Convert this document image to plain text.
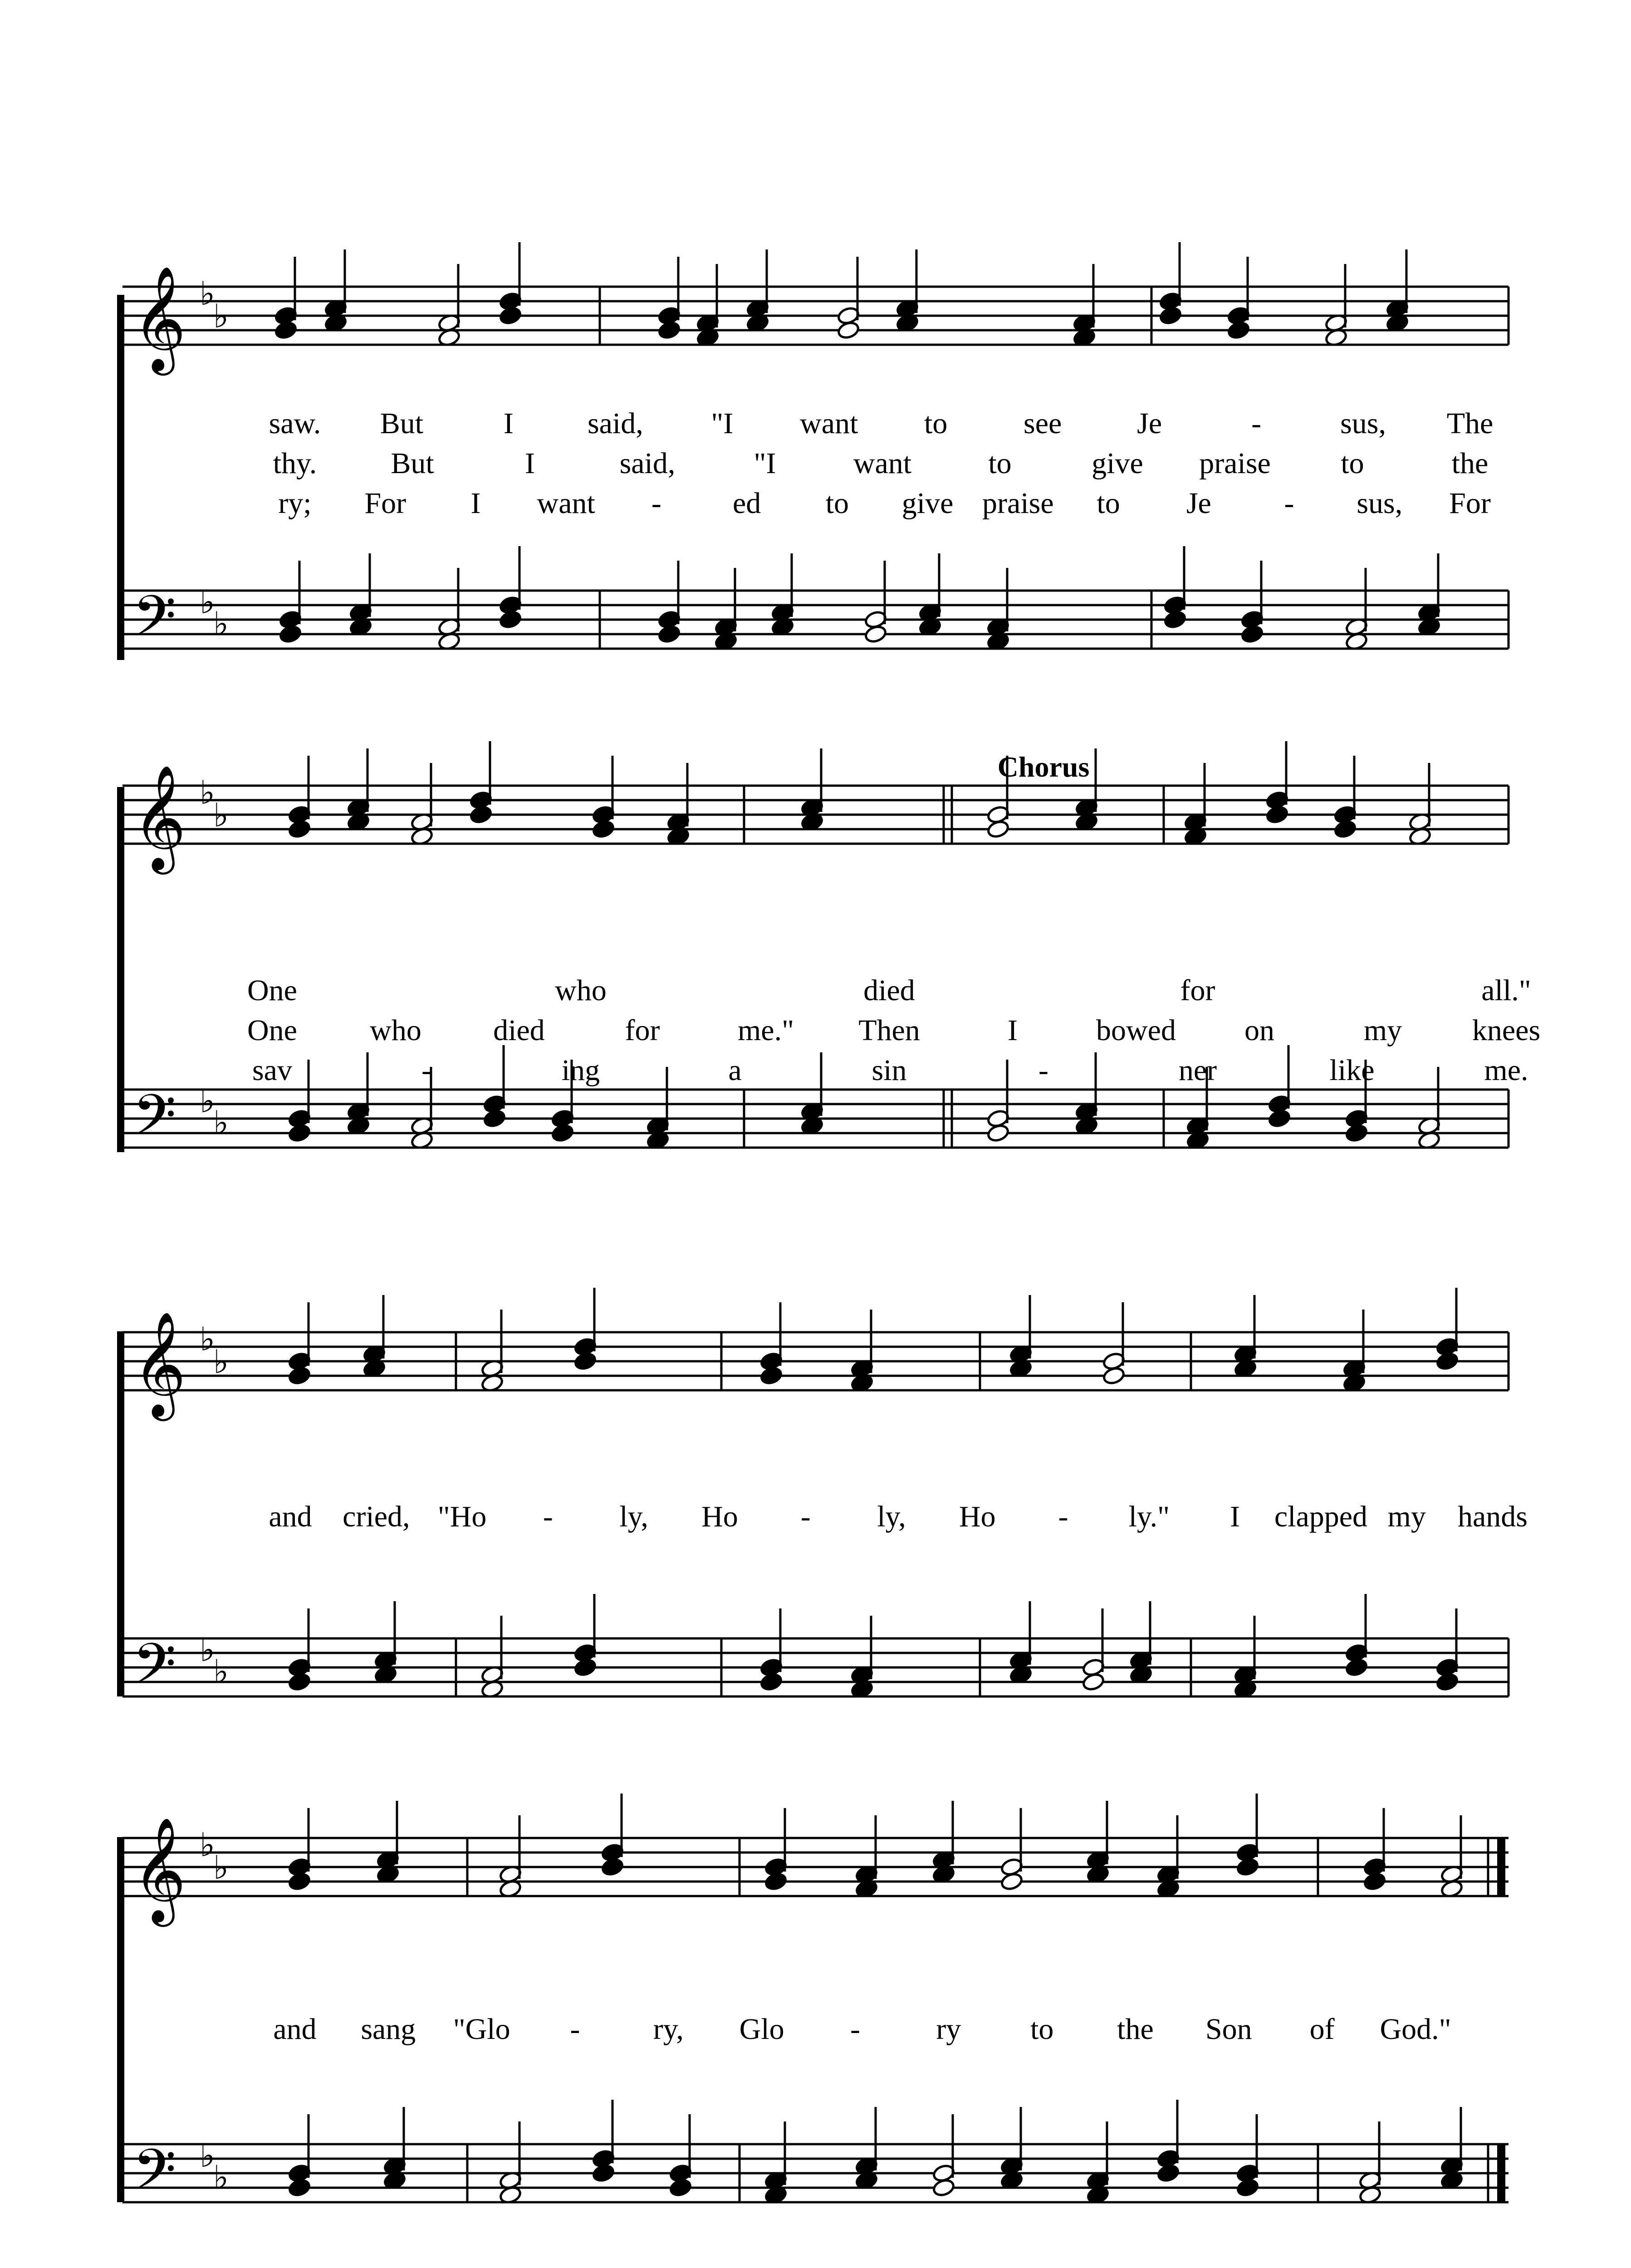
𝄞
𝄢
♭
♭
♭
♭
saw. But	I said, "I want to	see	Je	-	sus, The
thy. But	I	said,	"I	want	to	give praise to	the
ry; For I want - ed to give praise to Je - sus, For
Chorus
𝄞
𝄢
♭
♭
♭
♭
One	who	died	for	all."
One who died	for	me." Then	I	bowed on	my knees
sav	-	ing	a	sin	-	ner	like	me.
𝄞
𝄢
♭
♭
♭
♭
and cried, "Ho - ly, Ho - ly, Ho - ly." I clapped my hands
𝄞
𝄢
♭
♭
♭
♭
and sang "Glo - ry, Glo -	ry to the Son of God."
